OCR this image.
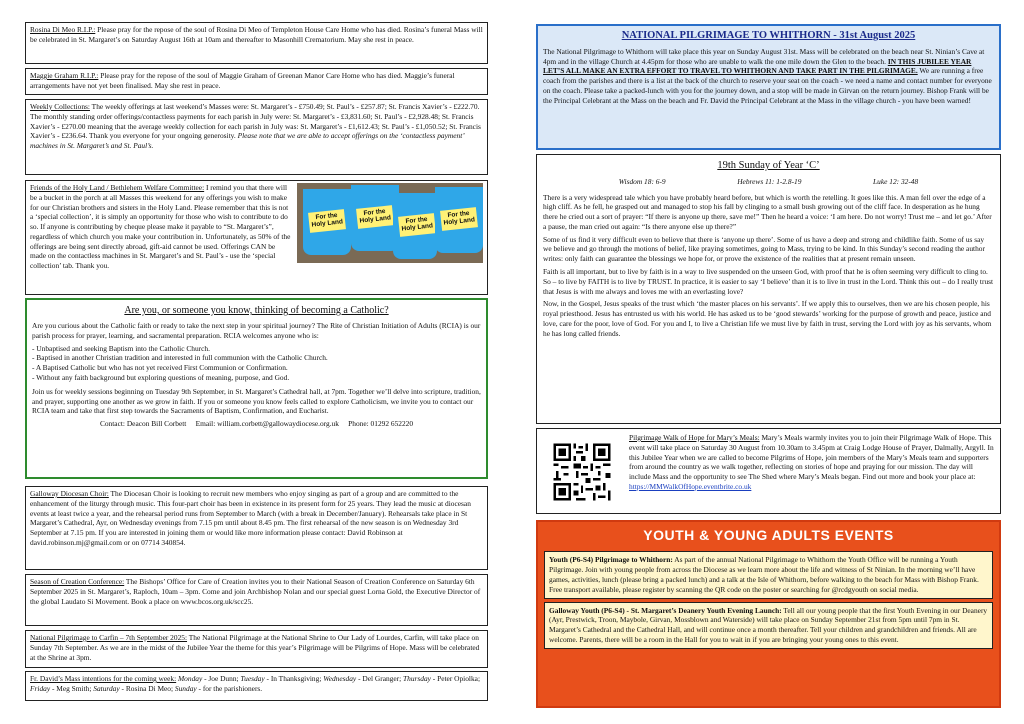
Rosina Di Meo R.I.P.: Please pray for the repose of the soul of Rosina Di Meo of Templeton House Care Home who has died. Rosina’s funeral Mass will be celebrated in St. Margaret’s on Saturday August 16th at 10am and thereafter to Masonhill Crematorium. May she rest in peace.
Maggie Graham R.I.P.: Please pray for the repose of the soul of Maggie Graham of Greenan Manor Care Home who has died. Maggie’s funeral arrangements have not yet been finalised. May she rest in peace.
Weekly Collections: The weekly offerings at last weekend’s Masses were: St. Margaret’s - £750.49; St. Paul’s - £257.87; St. Francis Xavier’s - £222.70. The monthly standing order offerings/contactless payments for each parish in July were: St. Margaret’s - £3,831.60; St. Paul’s - £2,928.48; St. Francis Xavier’s - £270.00 meaning that the average weekly collection for each parish in July was: St. Margaret’s - £1,612.43; St. Paul’s - £1,050.52; St. Francis Xavier’s - £236.64. Thank you everyone for your ongoing generosity. Please note that we are able to accept offerings on the ‘contactless payment’ machines in St. Margaret’s and St. Paul’s.
For the Holy Land
For the Holy Land	For the Holy Land
For the Holy Land
Friends of the Holy Land / Bethlehem Welfare Committee: I remind you that there will be a bucket in the porch at all Masses this weekend for any offerings you wish to make for our Christian brothers and sisters in the Holy Land. Please remember that this is not a ‘special collection’, it is simply an opportunity for those who wish to contribute to do so. If anyone is contributing by cheque please make it payable to “St. Margaret’s”, regardless of which church you make your contribution in. Unfortunately, as 50% of the offerings are being sent directly abroad, gift-aid cannot be used. Offerings CAN be made on the contactless machines in St. Margaret’s and St. Paul’s - use the ‘special collection’ tab. Thank you.
Are you, or someone you know, thinking of becoming a Catholic?

Are you curious about the Catholic faith or ready to take the next step in your spiritual journey? The Rite of Christian Initiation of Adults (RCIA) is our parish process for prayer, learning, and sacramental preparation. RCIA welcomes anyone who is:

- Unbaptised and seeking Baptism into the Catholic Church.
- Baptised in another Christian tradition and interested in full communion with the Catholic Church.
- A Baptised Catholic but who has not yet received First Communion or Confirmation.
- Without any faith background but exploring questions of meaning, purpose, and God.

Join us for weekly sessions beginning on Tuesday 9th September, in St. Margaret’s Cathedral hall, at 7pm. Together we’ll delve into scripture, tradition, and prayer, supporting one another as we grow in faith. If you or someone you know feels called to explore Catholicism, we invite you to contact our RCIA team and take that first step towards the Sacraments of Baptism, Confirmation, and Eucharist.

Contact: Deacon Bill Corbett     Email: william.corbett@gallowaydiocese.org.uk     Phone: 01292 652220
Galloway Diocesan Choir: The Diocesan Choir is looking to recruit new members who enjoy singing as part of a group and are committed to the enhancement of the liturgy through music. This four-part choir has been in existence in its present form for 25 years. They lead the music at diocesan events at least twice a year, and the rehearsal period runs from September to March (with a break in December/January). Rehearsals take place in St Margaret’s Cathedral, Ayr, on Wednesday evenings from 7.15 pm until about 8.45 pm. The first rehearsal of the new season is on Wednesday 3rd September at 7.15 pm. If you are interested in joining them or would like more information please contact: David Robinson at david.robinson.mj@gmail.com or on 07714 340854.
Season of Creation Conference: The Bishops’ Office for Care of Creation invites you to their National Season of Creation Conference on Saturday 6th September 2025 in St. Margaret’s, Raploch, 10am – 3pm. Come and join Archbishop Nolan and our special guest Lorna Gold, the Executive Director of the global Laudato Si Movement. Book a place on www.bcos.org.uk/scc25.
National Pilgrimage to Carfin – 7th September 2025: The National Pilgrimage at the National Shrine to Our Lady of Lourdes, Carfin, will take place on Sunday 7th September. As we are in the midst of the Jubilee Year the theme for this year’s Pilgrimage will be Pilgrims of Hope. Mass will be celebrated at the Shrine at 3pm.
Fr. David’s Mass intentions for the coming week: Monday - Joe Dunn; Tuesday - In Thanksgiving; Wednesday - Del Granger; Thursday - Peter Opiolka; Friday - Meg Smith; Saturday - Rosina Di Meo; Sunday - for the parishioners.
NATIONAL PILGRIMAGE TO WHITHORN - 31st August 2025
The National Pilgrimage to Whithorn will take place this year on Sunday August 31st. Mass will be celebrated on the beach near St. Ninian’s Cave at 4pm and in the village Church at 4.45pm for those who are unable to walk the one mile down the Glen to the beach. IN THIS JUBILEE YEAR LET’S ALL MAKE AN EXTRA EFFORT TO TRAVEL TO WHITHORN AND TAKE PART IN THE PILGRIMAGE. We are running a free coach from the parishes and there is a list at the back of the church to reserve your seat on the coach - we need a name and contact number for everyone on the coach. Please take a packed-lunch with you for the journey down, and a stop will be made in Girvan on the return journey. Bishop Frank will be the Principal Celebrant at the Mass on the beach and Fr. David the Principal Celebrant at the Mass in the village church - you have been warned!
19th Sunday of Year ‘C’
Wisdom 18: 6-9	Hebrews 11: 1-2.8-19	Luke 12: 32-48

There is a very widespread tale which you have probably heard before, but which is worth the retelling. It goes like this. A man fell over the edge of a high cliff. As he fell, he grasped out and managed to stop his fall by clinging to a small bush growing out of the cliff face. In desperation as he hung there he cried out a sort of prayer: “If there is anyone up there, save me!” Then he heard a voice: ‘I am here. Do not worry! Trust me – and let go.’ After a pause, the man cried out again: “Is there anyone else up there?”

Some of us find it very difficult even to believe that there is ‘anyone up there’. Some of us have a deep and strong and childlike faith. Some of us say we believe and go through the motions of belief, like praying sometimes, going to Mass, trying to be kind. In this Sunday’s second reading the author writes: only faith can guarantee the blessings we hope for, or prove the existence of the realities that at present remain unseen.

Faith is all important, but to live by faith is in a way to live suspended on the unseen God, with proof that he is often seeming very difficult to cling to. So – to live by FAITH is to live by TRUST. In practice, it is easier to say ‘I believe’ than it is to live in trust in the Lord. Think this out – do I really trust that Jesus is with me always and loves me with an everlasting love?

Now, in the Gospel, Jesus speaks of the trust which ‘the master places on his servants’. If we apply this to ourselves, then we are his chosen people, his royal priesthood. Jesus has entrusted us with his world. He has asked us to be ‘good stewards’ working for the purpose of growth and peace, justice and love, care for the poor, love of God. For you and I, to live a Christian life we must live by faith in trust, serving the Lord with joy as his servants, whom he has long called friends.

Pilgrimage Walk of Hope for Mary’s Meals: Mary’s Meals warmly invites you to join their Pilgrimage Walk of Hope. This event will take place on Saturday 30 August from 10.30am to 3.45pm at Craig Lodge House of Prayer, Dalmally, Argyll. In this Jubilee Year when we are called to become Pilgrims of Hope, join members of the Mary’s Meals team and supporters from around the country as we walk together, reflecting on stories of hope and praying for our mission. The day will include Mass and the opportunity to see The Shed where Mary’s Meals began. Find out more and book your place at: https://MMWalkOfHope.eventbrite.co.uk
YOUTH & YOUNG ADULTS EVENTS
Youth (P6-S4) Pilgrimage to Whithorn: As part of the annual National Pilgrimage to Whithorn the Youth Office will be running a Youth Pilgrimage. Join with young people from across the Diocese as we learn more about the life and witness of St Ninian. In the morning we’ll have games, activities, lunch (please bring a packed lunch) and a talk at the Isle of Whithorn, before walking to the beach for Mass with Bishop Frank. Free transport available, please register by scanning the QR code on the poster or searching for @rcdgyouth on social media.
Galloway Youth (P6-S4) - St. Margaret’s Deanery Youth Evening Launch: Tell all our young people that the first Youth Evening in our Deanery (Ayr, Prestwick, Troon, Maybole, Girvan, Mossblown and Waterside) will take place on Sunday September 21st from 5pm until 7pm in St. Margaret’s Cathedral and the Cathedral Hall, and will continue once a month thereafter. Tell your children and grandchildren and friends. All are welcome. Parents, there will be a room in the Hall for you to wait in if you are bringing your young ones to this event.
